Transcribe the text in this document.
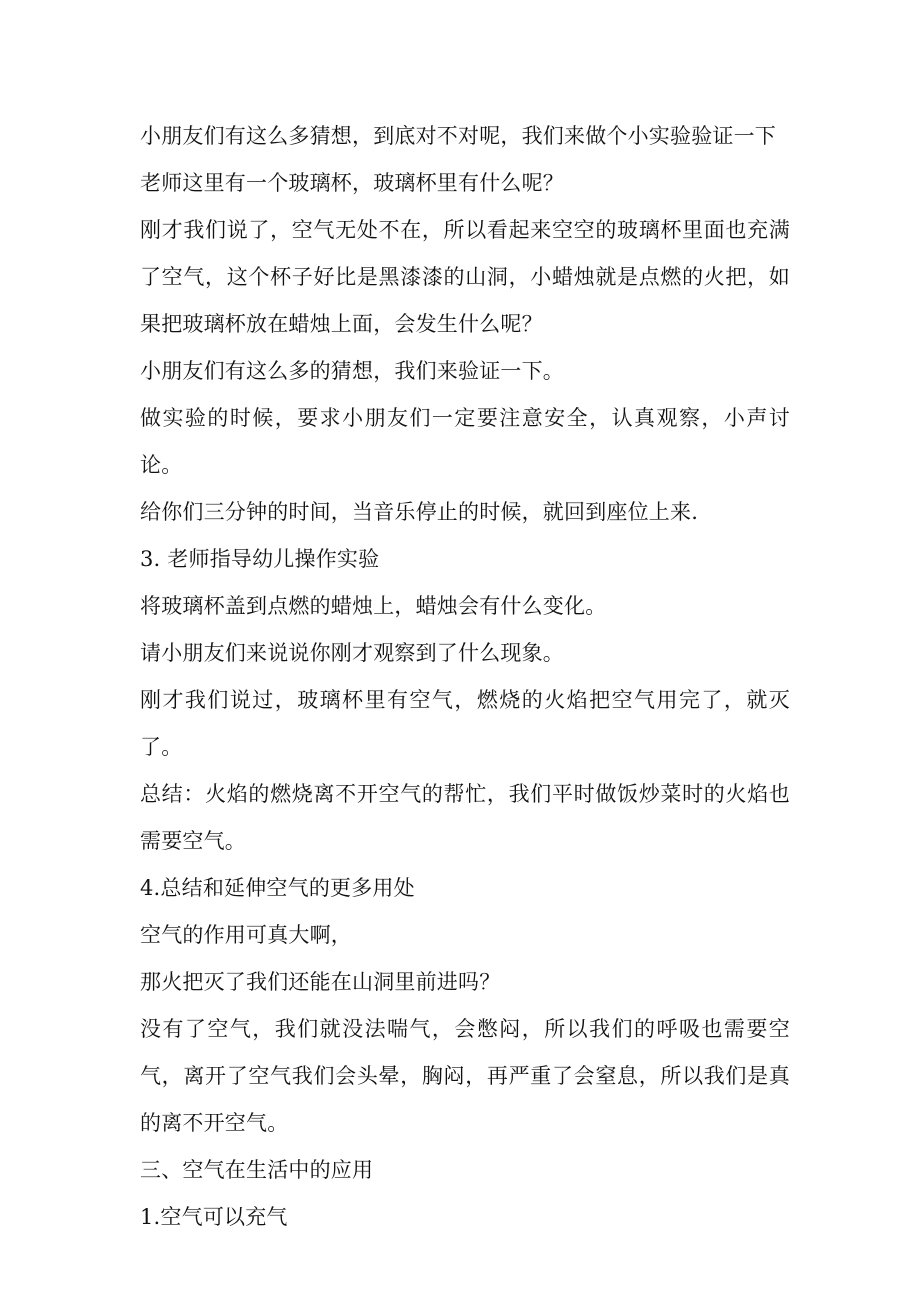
小朋友们有这么多猜想，到底对不对呢，我们来做个小实验验证一下

老师这里有一个玻璃杯，玻璃杯里有什么呢？

刚才我们说了，空气无处不在，所以看起来空空的玻璃杯里面也充满了空气，这个杯子好比是黑漆漆的山洞，小蜡烛就是点燃的火把，如果把玻璃杯放在蜡烛上面，会发生什么呢？

小朋友们有这么多的猜想，我们来验证一下。

做实验的时候，要求小朋友们一定要注意安全，认真观察，小声讨论。

给你们三分钟的时间，当音乐停止的时候，就回到座位上来.

3. 老师指导幼儿操作实验

将玻璃杯盖到点燃的蜡烛上，蜡烛会有什么变化。

请小朋友们来说说你刚才观察到了什么现象。

刚才我们说过，玻璃杯里有空气，燃烧的火焰把空气用完了，就灭了。

总结：火焰的燃烧离不开空气的帮忙，我们平时做饭炒菜时的火焰也需要空气。

4.总结和延伸空气的更多用处

空气的作用可真大啊，

那火把灭了我们还能在山洞里前进吗？

没有了空气，我们就没法喘气，会憋闷，所以我们的呼吸也需要空气，离开了空气我们会头晕，胸闷，再严重了会窒息，所以我们是真的离不开空气。

三、空气在生活中的应用

1.空气可以充气
